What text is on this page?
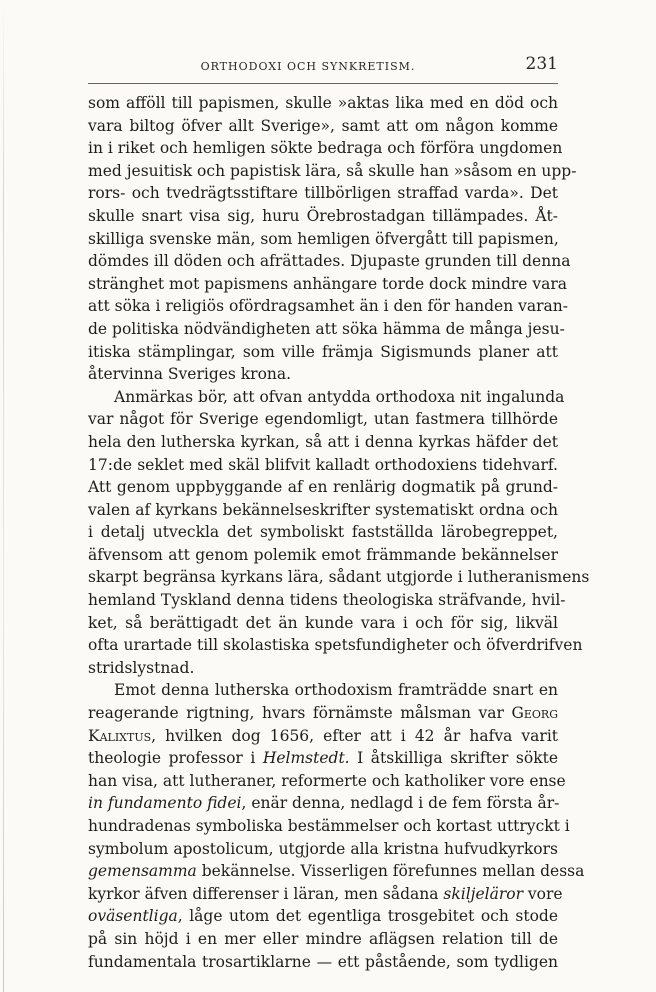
ORTHODOXI OCH SYNKRETISM.	231
som afföll till papismen, skulle »aktas lika med en död och
vara biltog öfver allt Sverige», samt att om någon komme
in i riket och hemligen sökte bedraga och förföra ungdomen
med jesuitisk och papistisk lära, så skulle han »såsom en upp-
rors- och tvedrägtsstiftare tillbörligen straffad varda». Det
skulle snart visa sig, huru Örebrostadgan tillämpades. Åt-
skilliga svenske män, som hemligen öfvergått till papismen,
dömdes ill döden och afrättades. Djupaste grunden till denna
stränghet mot papismens anhängare torde dock mindre vara
att söka i religiös ofördragsamhet än i den för handen varan-
de politiska nödvändigheten att söka hämma de många jesu-
itiska stämplingar, som ville främja Sigismunds planer att
återvinna Sveriges krona.
Anmärkas bör, att ofvan antydda orthodoxa nit ingalunda
var något för Sverige egendomligt, utan fastmera tillhörde
hela den lutherska kyrkan, så att i denna kyrkas häfder det
17:de seklet med skäl blifvit kalladt orthodoxiens tidehvarf.
Att genom uppbyggande af en renlärig dogmatik på grund-
valen af kyrkans bekännelseskrifter systematiskt ordna och
i detalj utveckla det symboliskt fastställda lärobegreppet,
äfvensom att genom polemik emot främmande bekännelser
skarpt begränsa kyrkans lära, sådant utgjorde i lutheranismens
hemland Tyskland denna tidens theologiska sträfvande, hvil-
ket, så berättigadt det än kunde vara i och för sig, likväl
ofta urartade till skolastiska spetsfundigheter och öfverdrifven
stridslystnad.
Emot denna lutherska orthodoxism framträdde snart en
reagerande rigtning, hvars förnämste målsman var Georg
Kalixtus, hvilken dog 1656, efter att i 42 år hafva varit
theologie professor i Helmstedt. I åtskilliga skrifter sökte
han visa, att lutheraner, reformerte och katholiker vore ense
in fundamento fidei, enär denna, nedlagd i de fem första år-
hundradenas symboliska bestämmelser och kortast uttryckt i
symbolum apostolicum, utgjorde alla kristna hufvudkyrkors
gemensamma bekännelse. Visserligen förefunnes mellan dessa
kyrkor äfven differenser i läran, men sådana skiljeläror vore
oväsentliga, låge utom det egentliga trosgebitet och stode
på sin höjd i en mer eller mindre aflägsen relation till de
fundamentala trosartiklarne — ett påstående, som tydligen
